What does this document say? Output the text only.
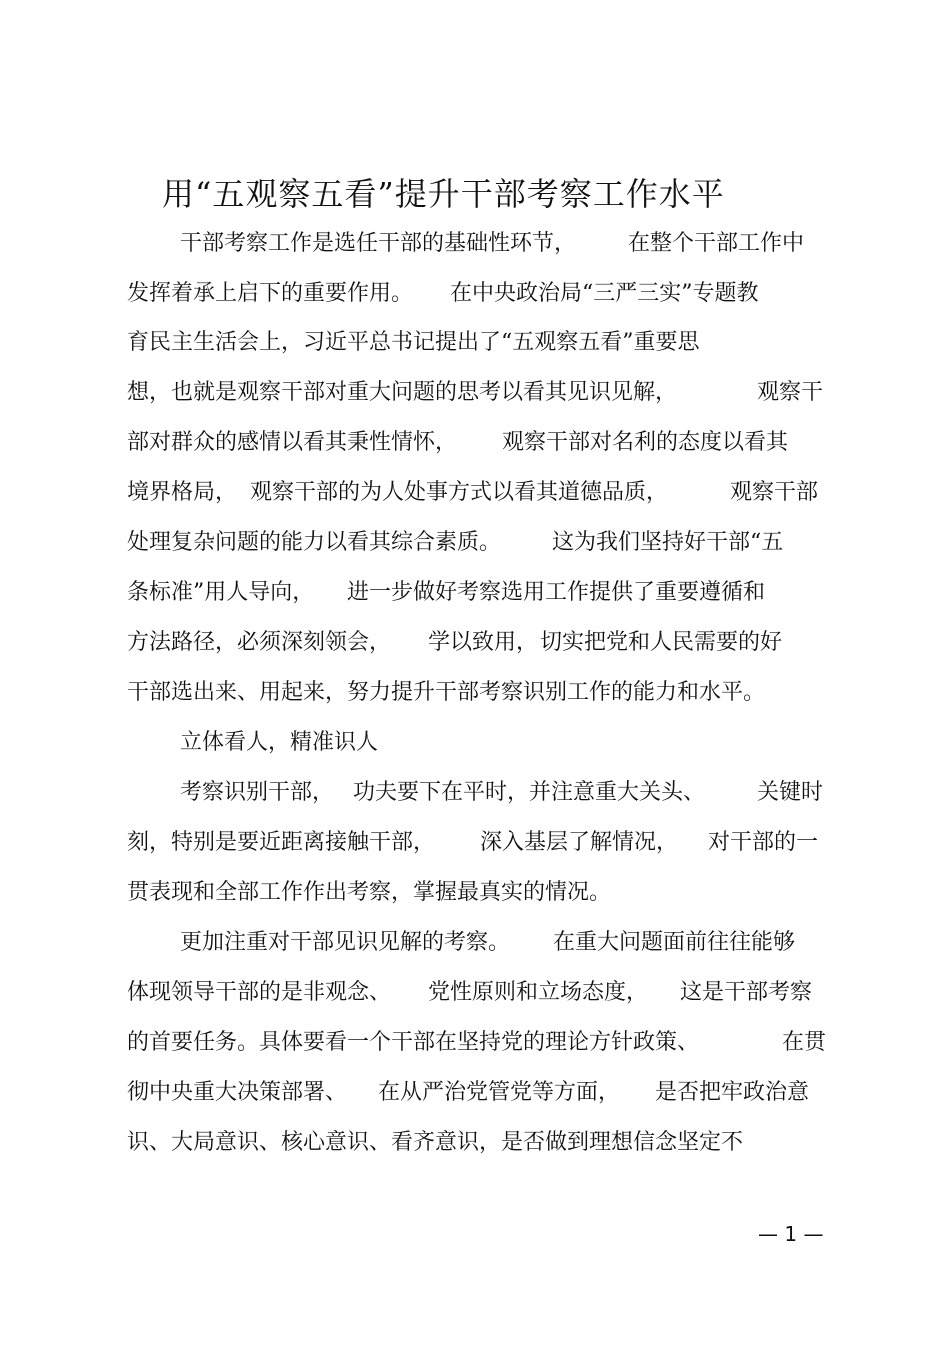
用“五观察五看”提升干部考察工作水平
干部考察工作是选任干部的基础性环节， 在整个干部工作中
发挥着承上启下的重要作用。 在中央政治局“三严三实”专题教
育民主生活会上，习近平总书记提出了“五观察五看”重要思
想，也就是观察干部对重大问题的思考以看其见识见解，	观察干
部对群众的感情以看其秉性情怀， 观察干部对名利的态度以看其
境界格局， 观察干部的为人处事方式以看其道德品质，	观察干部
处理复杂问题的能力以看其综合素质。 这为我们坚持好干部“五
条标准”用人导向， 进一步做好考察选用工作提供了重要遵循和
方法路径，必须深刻领会， 学以致用， 切实把党和人民需要的好
干部选出来、用起来，努力提升干部考察识别工作的能力和水平。
立体看人，精准识人
考察识别干部， 功夫要下在平时，并注意重大关头、 关键时
刻，特别是要近距离接触干部， 深入基层了解情况， 对干部的一
贯表现和全部工作作出考察，掌握最真实的情况。
更加注重对干部见识见解的考察。 在重大问题面前往往能够
体现领导干部的是非观念、 党性原则和立场态度， 这是干部考察
的首要任务。具体要看一个干部在坚持党的理论方针政策、	在贯
彻中央重大决策部署、 在从严治党管党等方面， 是否把牢政治意
识、大局意识、核心意识、看齐意识，是否做到理想信念坚定不
— 1 —
